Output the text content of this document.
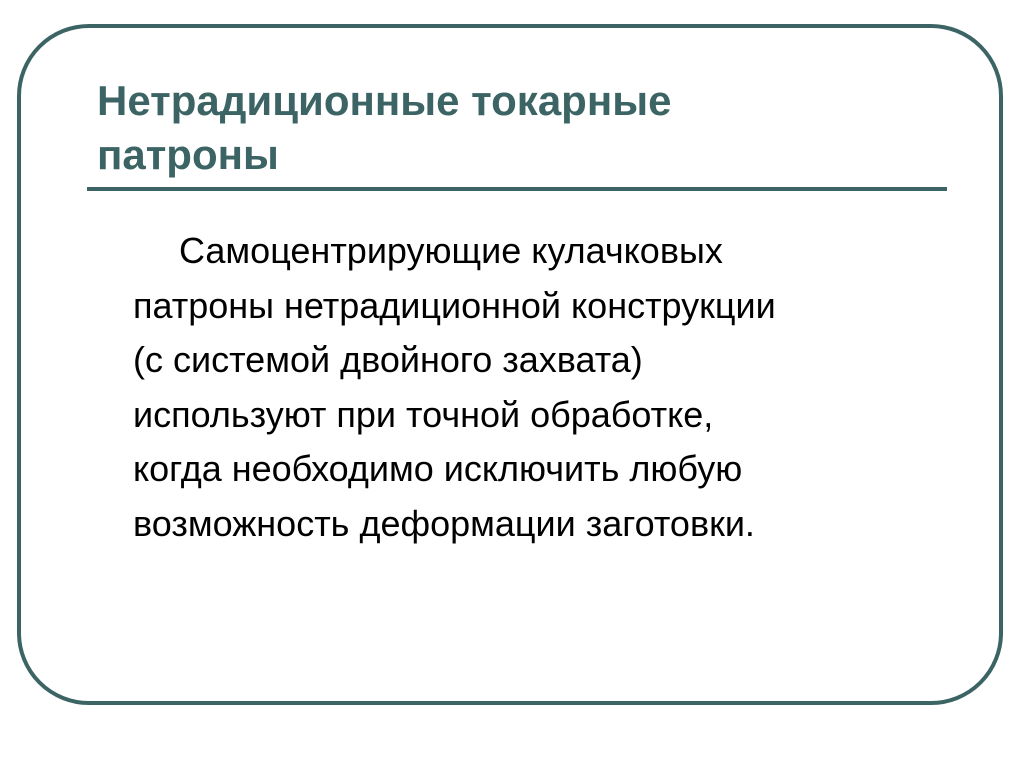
Нетрадиционные токарные
патроны

Самоцентрирующие кулачковых
патроны нетрадиционной конструкции
(с системой двойного захвата)
используют при точной обработке,
когда необходимо исключить любую
возможность деформации заготовки.
